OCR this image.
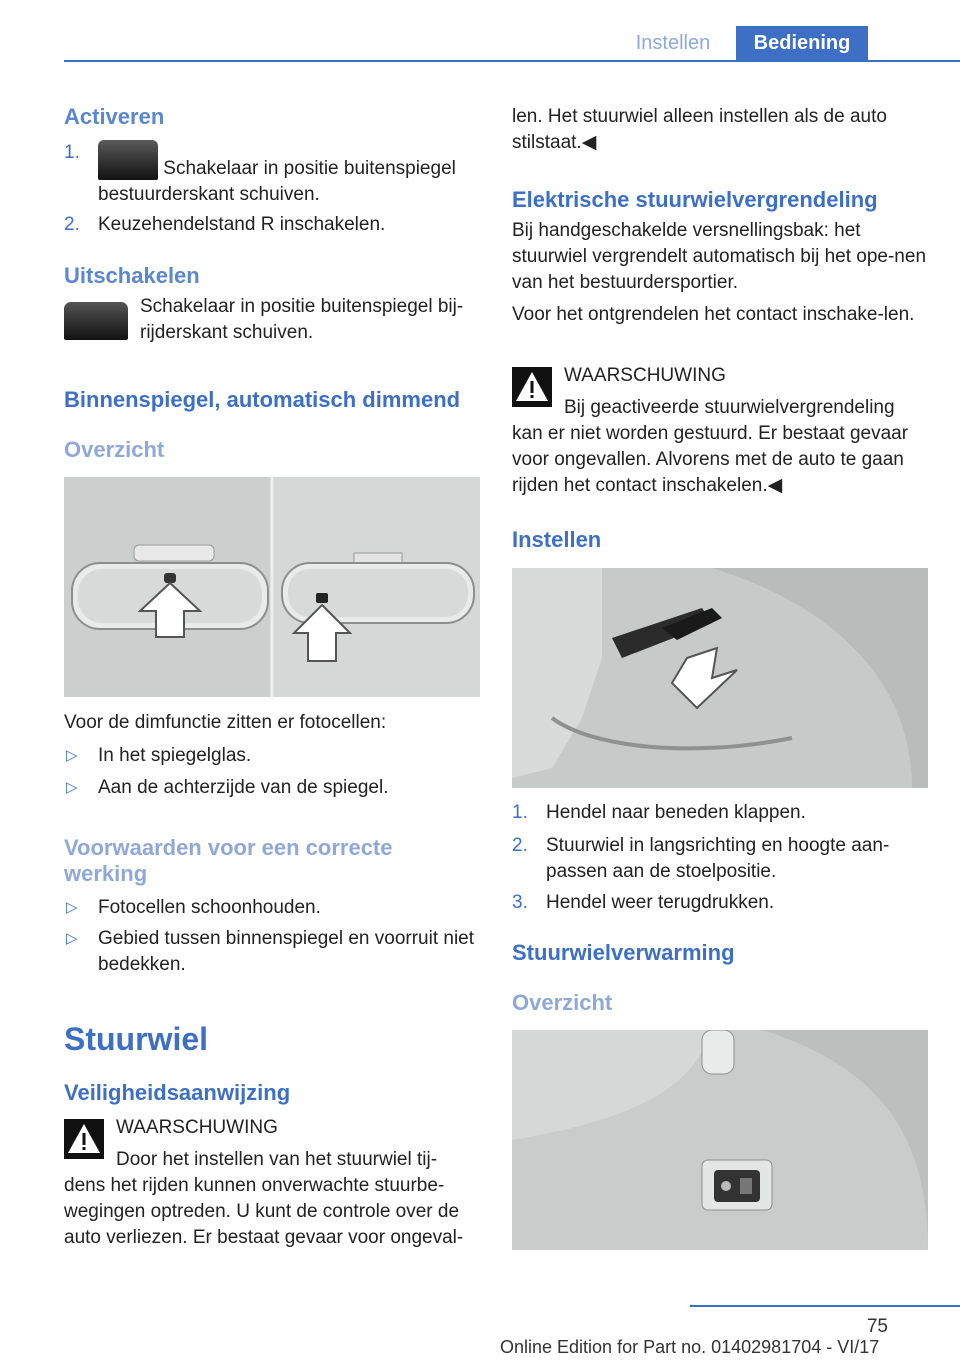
Instellen	Bediening
Activeren
1.
Schakelaar in positie buitenspiegel bestuurderskant schuiven.
2. Keuzehendelstand R inschakelen.
Uitschakelen

Schakelaar in positie buitenspiegel bij-rijderskant schuiven.

Binnenspiegel, automatisch dimmend
Overzicht

Voor de dimfunctie zitten er fotocellen:

▷ In het spiegelglas.
▷ Aan de achterzijde van de spiegel.
Voorwaarden voor een correcte werking
▷ Fotocellen schoonhouden.
▷ Gebied tussen binnenspiegel en voorruit niet bedekken.
Stuurwiel
Veiligheidsaanwijzing

WAARSCHUWING

Door het instellen van het stuurwiel tij-

dens het rijden kunnen onverwachte stuurbe-wegingen optreden. U kunt de controle over de auto verliezen. Er bestaat gevaar voor ongeval-

len. Het stuurwiel alleen instellen als de auto stilstaat.◀

Elektrische stuurwielvergrendeling

Bij handgeschakelde versnellingsbak: het stuurwiel vergrendelt automatisch bij het ope-nen van het bestuurdersportier.

Voor het ontgrendelen het contact inschake-len.

WAARSCHUWING

Bij geactiveerde stuurwielvergrendeling

kan er niet worden gestuurd. Er bestaat gevaar voor ongevallen. Alvorens met de auto te gaan rijden het contact inschakelen.◀

Instellen
1. Hendel naar beneden klappen.
2. Stuurwiel in langsrichting en hoogte aan-passen aan de stoelpositie.
3. Hendel weer terugdrukken.
Stuurwielverwarming
Overzicht
75
Online Edition for Part no. 01402981704 - VI/17
